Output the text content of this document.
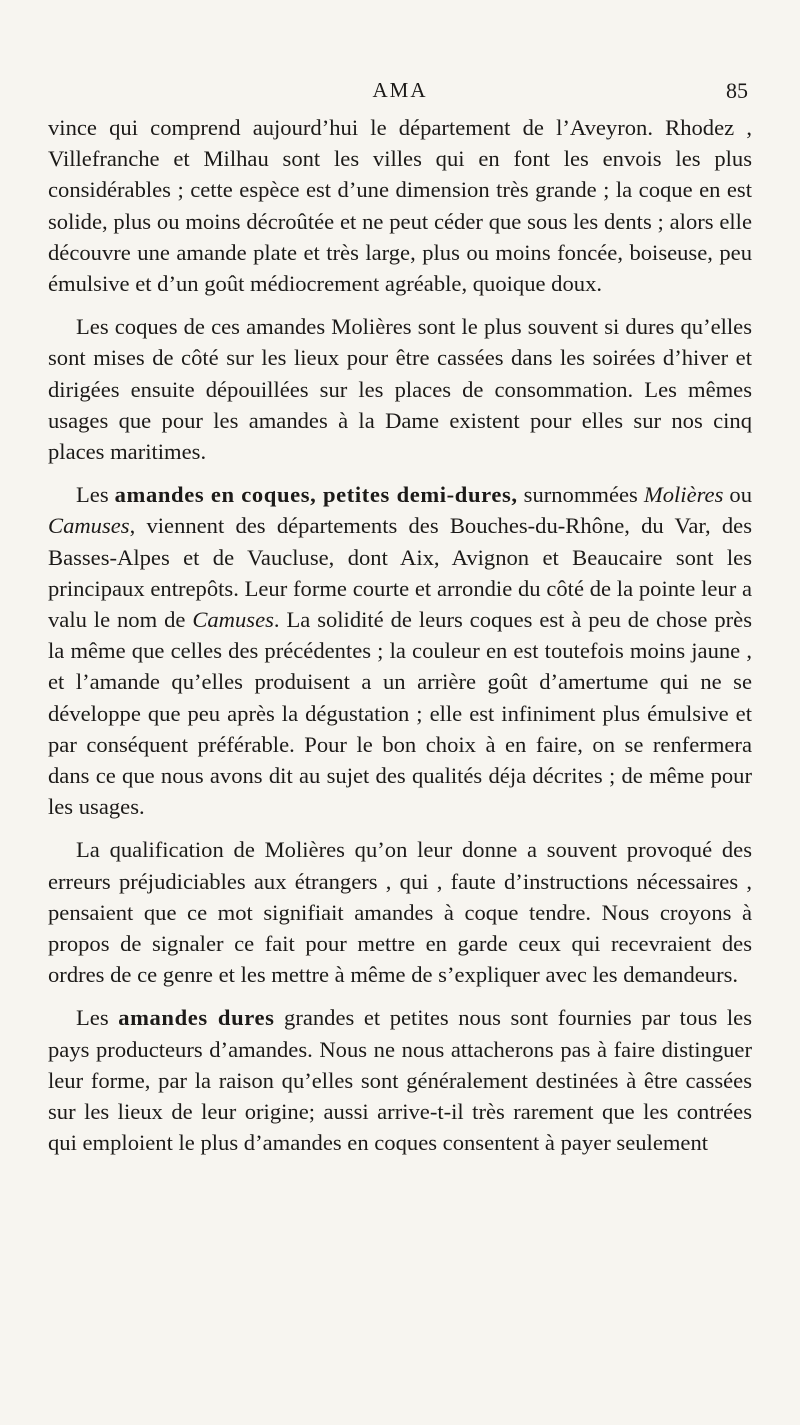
AMA	85

vince qui comprend aujourd’hui le département de l’Aveyron. Rhodez , Villefranche et Milhau sont les villes qui en font les envois les plus considérables ; cette espèce est d’une dimension très grande ; la coque en est solide, plus ou moins décroûtée et ne peut céder que sous les dents ; alors elle découvre une amande plate et très large, plus ou moins foncée, boiseuse, peu émulsive et d’un goût médiocrement agréable, quoique doux.

Les coques de ces amandes Molières sont le plus souvent si dures qu’elles sont mises de côté sur les lieux pour être cassées dans les soirées d’hiver et dirigées ensuite dépouillées sur les places de consommation. Les mêmes usages que pour les amandes à la Dame existent pour elles sur nos cinq places maritimes.

Les amandes en coques, petites demi-dures, surnommées Molières ou Camuses, viennent des départements des Bouches-du-Rhône, du Var, des Basses-Alpes et de Vaucluse, dont Aix, Avignon et Beaucaire sont les principaux entrepôts. Leur forme courte et arrondie du côté de la pointe leur a valu le nom de Camuses. La solidité de leurs coques est à peu de chose près la même que celles des précédentes ; la couleur en est toutefois moins jaune , et l’amande qu’elles produisent a un arrière goût d’amertume qui ne se développe que peu après la dégustation ; elle est infiniment plus émulsive et par conséquent préférable. Pour le bon choix à en faire, on se renfermera dans ce que nous avons dit au sujet des qualités déja décrites ; de même pour les usages.

La qualification de Molières qu’on leur donne a souvent provoqué des erreurs préjudiciables aux étrangers , qui , faute d’instructions nécessaires , pensaient que ce mot signifiait amandes à coque tendre. Nous croyons à propos de signaler ce fait pour mettre en garde ceux qui recevraient des ordres de ce genre et les mettre à même de s’expliquer avec les demandeurs.

Les amandes dures grandes et petites nous sont fournies par tous les pays producteurs d’amandes. Nous ne nous attacherons pas à faire distinguer leur forme, par la raison qu’elles sont généralement destinées à être cassées sur les lieux de leur origine; aussi arrive-t-il très rarement que les contrées qui emploient le plus d’amandes en coques consentent à payer seulement
